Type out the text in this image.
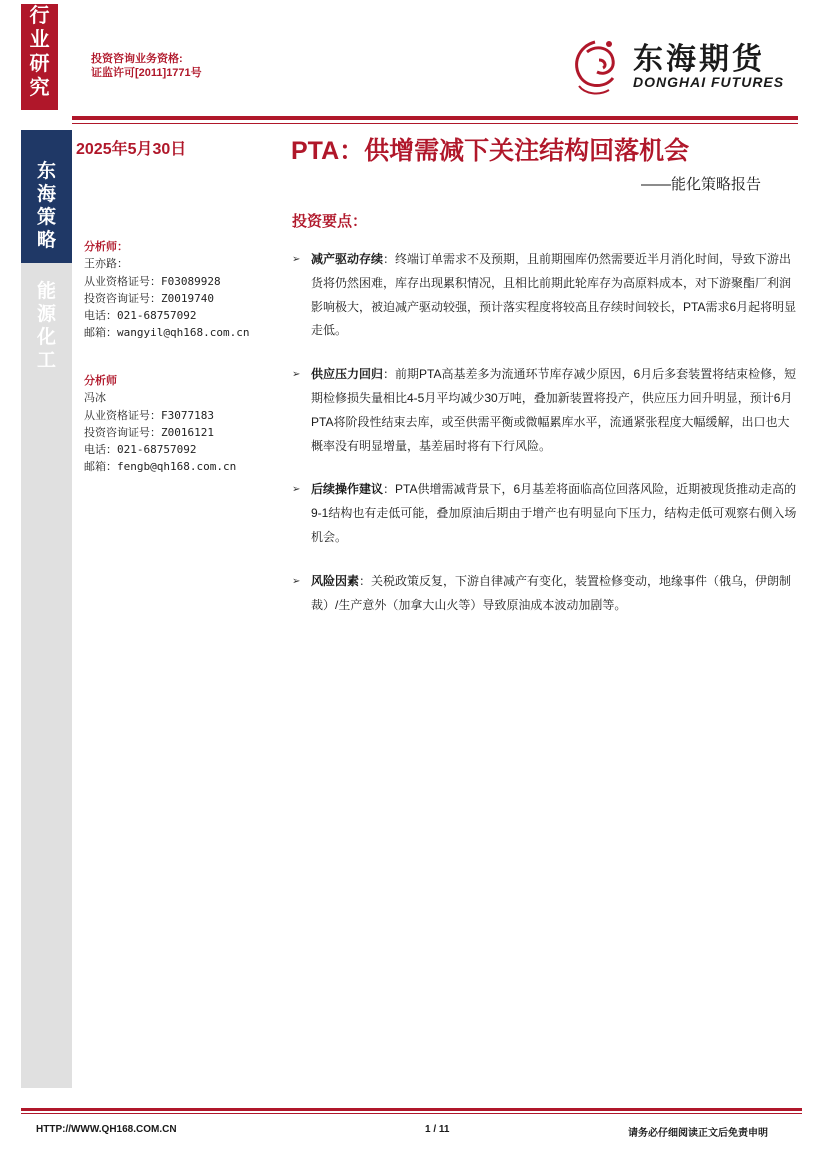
行
业
研
究
投资咨询业务资格:
证监许可[2011]1771号	东海期货
DONGHAI FUTURES
东
海
策
略
能
源
化
工
2025年5月30日	PTA：供增需减下关注结构回落机会
——能化策略报告
分析师：
王亦路：
从业资格证号：F03089928
投资咨询证号：Z0019740
电话：021-68757092
邮箱：wangyil@qh168.com.cn
分析师
冯冰
从业资格证号：F3077183
投资咨询证号：Z0016121
电话：021-68757092
邮箱：fengb@qh168.com.cn
投资要点：
➢ 减产驱动存续：终端订单需求不及预期，且前期囤库仍然需要近半月消化时间，导致下游出货将仍然困难，库存出现累积情况，且相比前期此轮库存为高原料成本，对下游聚酯厂利润影响极大，被迫减产驱动较强，预计落实程度将较高且存续时间较长，PTA需求6月起将明显走低。
➢ 供应压力回归：前期PTA高基差多为流通环节库存减少原因，6月后多套装置将结束检修，短期检修损失量相比4-5月平均减少30万吨，叠加新装置将投产，供应压力回升明显，预计6月PTA将阶段性结束去库，或至供需平衡或微幅累库水平，流通紧张程度大幅缓解，出口也大概率没有明显增量，基差届时将有下行风险。
➢ 后续操作建议：PTA供增需减背景下，6月基差将面临高位回落风险，近期被现货推动走高的9-1结构也有走低可能，叠加原油后期由于增产也有明显向下压力，结构走低可观察右侧入场机会。
➢ 风险因素：关税政策反复，下游自律减产有变化，装置检修变动，地缘事件（俄乌，伊朗制裁）/生产意外（加拿大山火等）导致原油成本波动加剧等。
HTTP://WWW.QH168.COM.CN	1 / 11	请务必仔细阅读正文后免责申明
